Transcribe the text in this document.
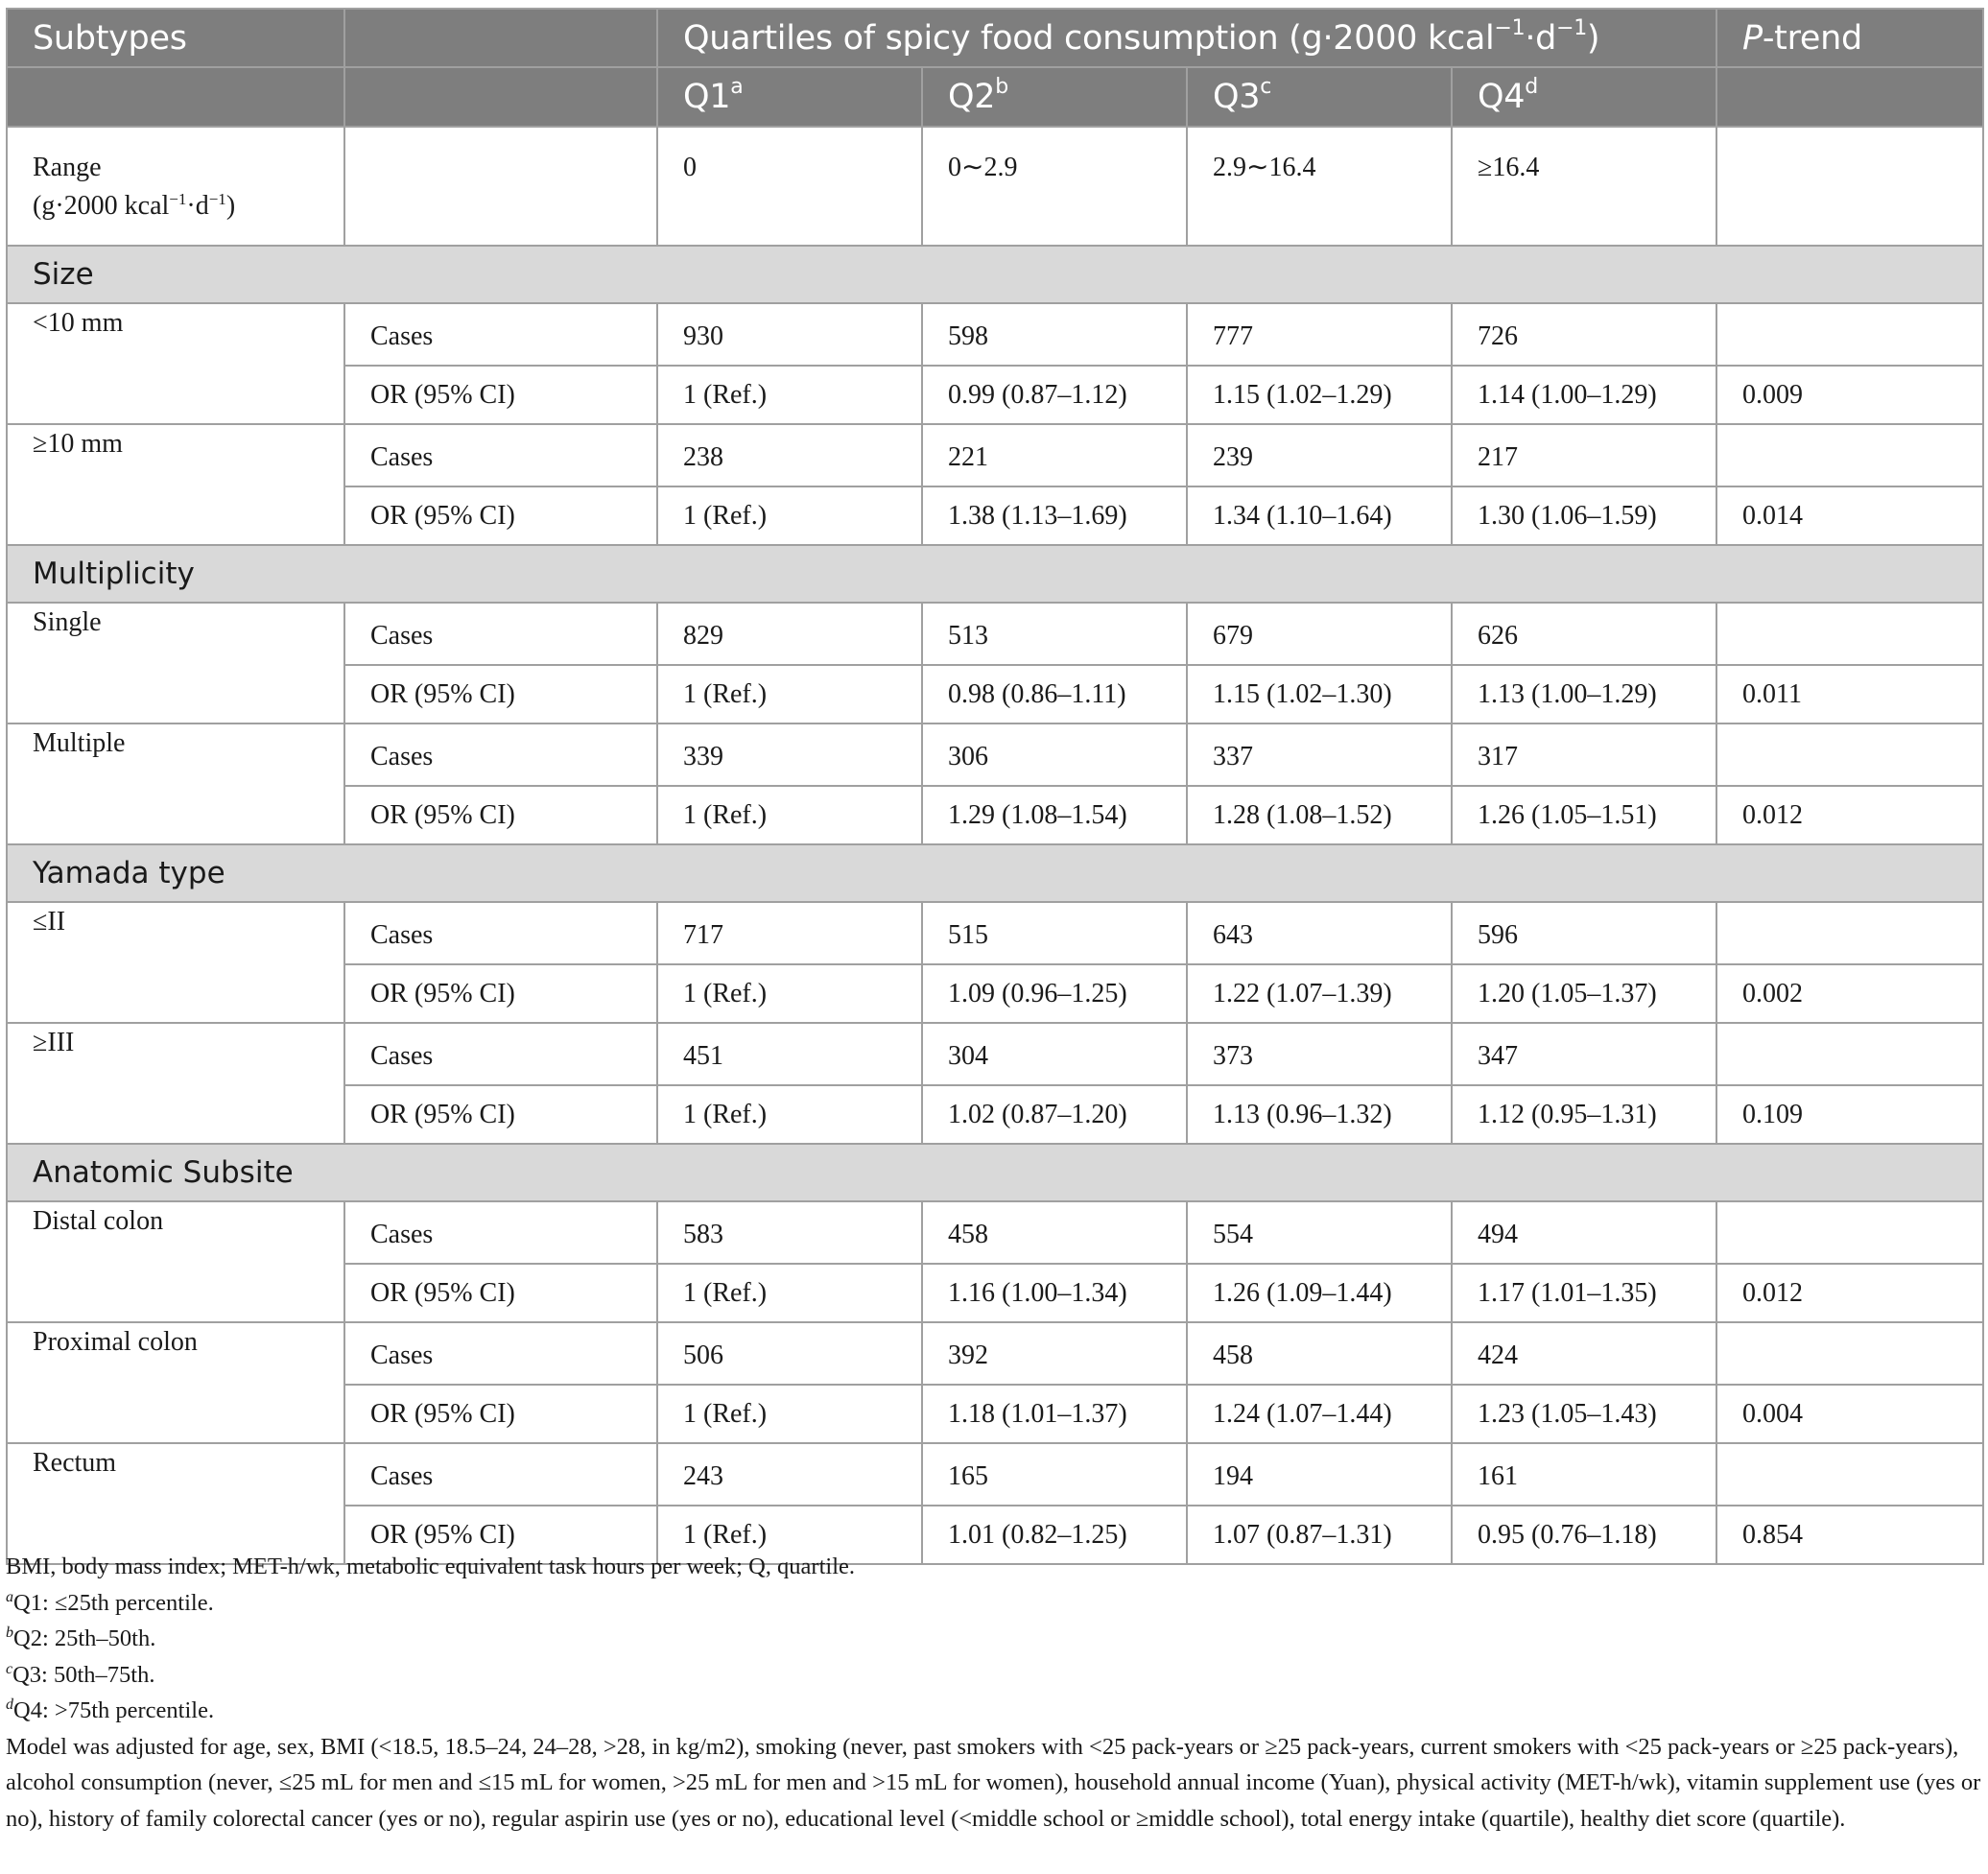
Subtypes		Quartiles of spicy food consumption (g·2000 $kcal^{-1}\cdot d^{-1}$)				P-trend
		Q1$^a$	Q2$^b$	Q3$^c$	Q4$^d$	
Range
(g·2000 $kcal^{-1}\cdot d^{-1}$)		0	0∼2.9	2.9∼16.4	≥16.4	
Size						
<10 mm	Cases	930	598	777	726	
	OR (95% CI)	1 (Ref.)	0.99 (0.87–1.12)	1.15 (1.02–1.29)	1.14 (1.00–1.29)	0.009
≥10 mm	Cases	238	221	239	217	
	OR (95% CI)	1 (Ref.)	1.38 (1.13–1.69)	1.34 (1.10–1.64)	1.30 (1.06–1.59)	0.014
Multiplicity						
Single	Cases	829	513	679	626	
	OR (95% CI)	1 (Ref.)	0.98 (0.86–1.11)	1.15 (1.02–1.30)	1.13 (1.00–1.29)	0.011
Multiple	Cases	339	306	337	317	
	OR (95% CI)	1 (Ref.)	1.29 (1.08–1.54)	1.28 (1.08–1.52)	1.26 (1.05–1.51)	0.012
Yamada type						
≤II	Cases	717	515	643	596	
	OR (95% CI)	1 (Ref.)	1.09 (0.96–1.25)	1.22 (1.07–1.39)	1.20 (1.05–1.37)	0.002
≥III	Cases	451	304	373	347	
	OR (95% CI)	1 (Ref.)	1.02 (0.87–1.20)	1.13 (0.96–1.32)	1.12 (0.95–1.31)	0.109
Anatomic Subsite						
Distal colon	Cases	583	458	554	494	
	OR (95% CI)	1 (Ref.)	1.16 (1.00–1.34)	1.26 (1.09–1.44)	1.17 (1.01–1.35)	0.012
Proximal colon	Cases	506	392	458	424	
	OR (95% CI)	1 (Ref.)	1.18 (1.01–1.37)	1.24 (1.07–1.44)	1.23 (1.05–1.43)	0.004
Rectum	Cases	243	165	194	161	
	OR (95% CI)	1 (Ref.)	1.01 (0.82–1.25)	1.07 (0.87–1.31)	0.95 (0.76–1.18)	0.854

BMI, body mass index; MET-h/wk, metabolic equivalent task hours per week; Q, quartile.

$^a$Q1: ≤25th percentile.

$^b$Q2: 25th–50th.

$^c$Q3: 50th–75th.

$^d$Q4: >75th percentile.

Model was adjusted for age, sex, BMI (<18.5, 18.5–24, 24–28, >28, in kg/m2), smoking (never, past smokers with <25 pack-years or ≥25 pack-years, current smokers with <25 pack-years or ≥25 pack-years), alcohol consumption (never, ≤25 mL for men and ≤15 mL for women, >25 mL for men and >15 mL for women), household annual income (Yuan), physical activity (MET-h/wk), vitamin supplement use (yes or no), history of family colorectal cancer (yes or no), regular aspirin use (yes or no), educational level (<middle school or ≥middle school), total energy intake (quartile), healthy diet score (quartile).
